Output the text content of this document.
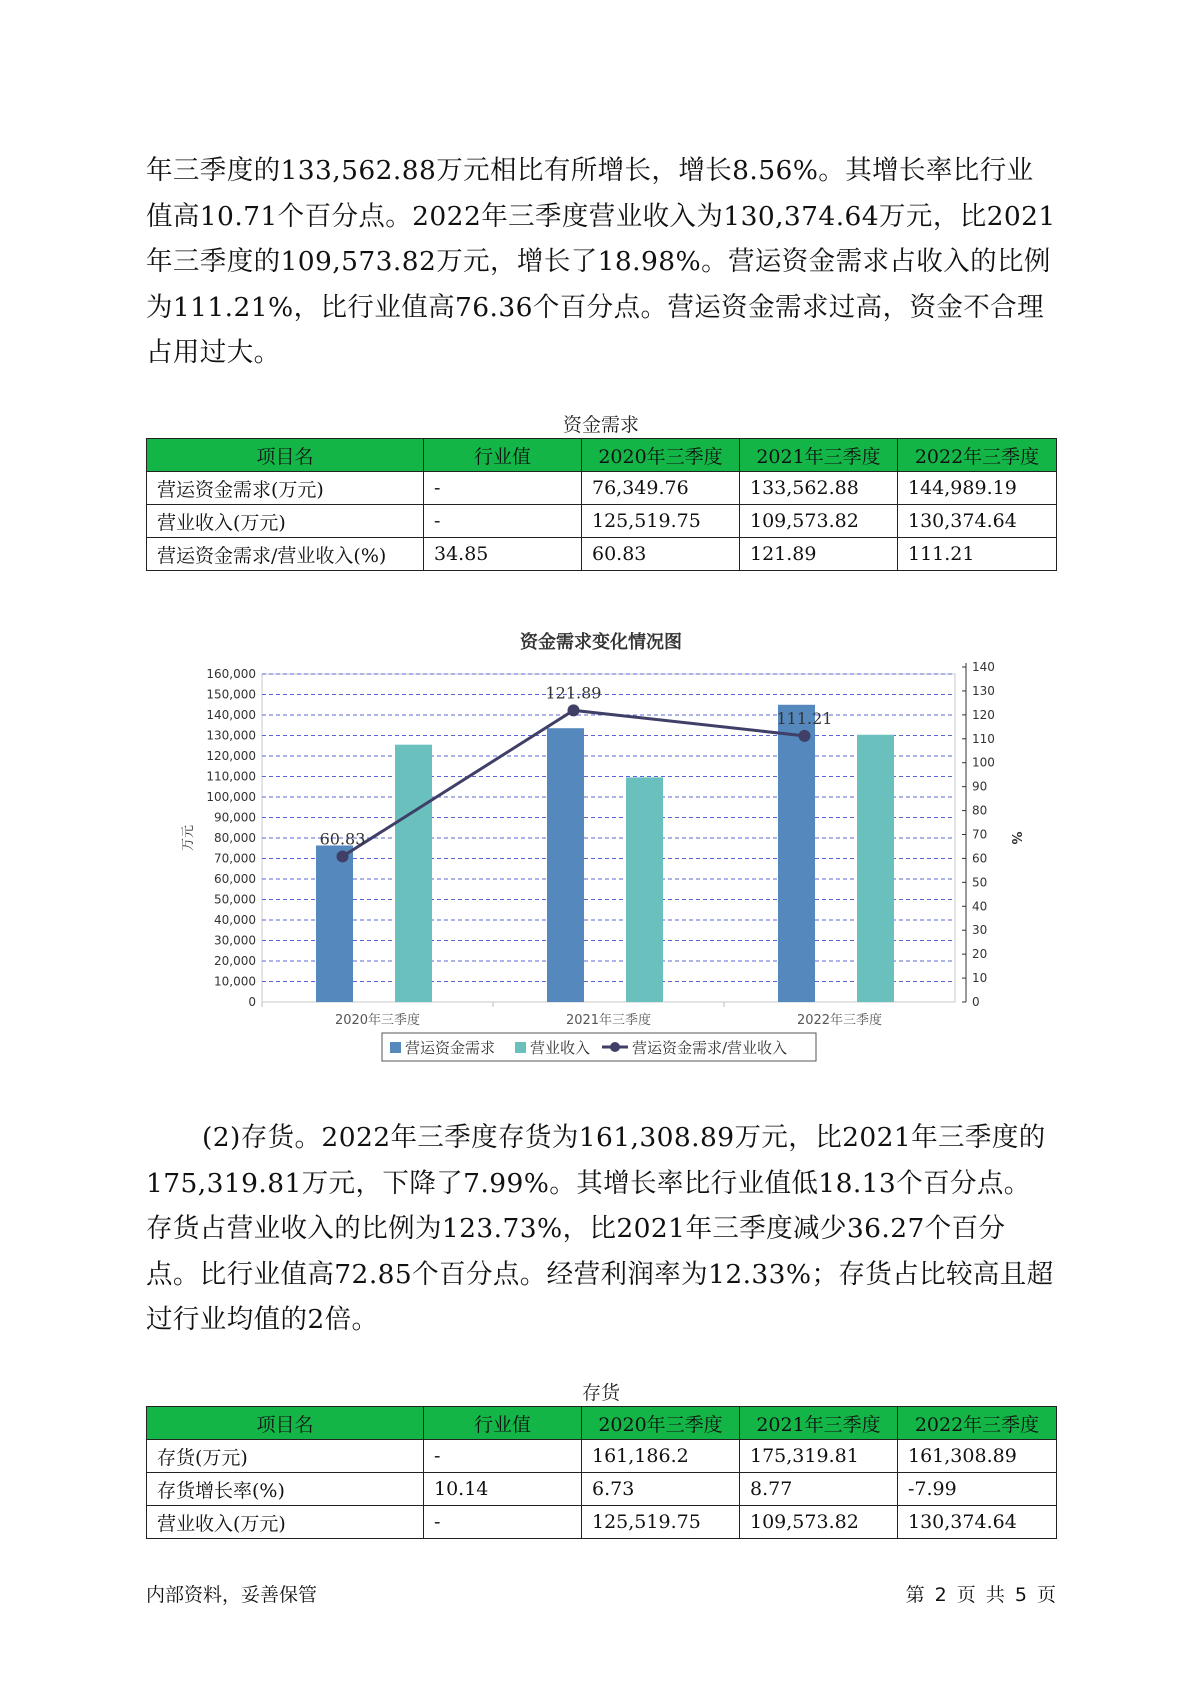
年三季度的133,562.88万元相比有所增长，增长8.56%。其增长率比行业值高10.71个百分点。2022年三季度营业收入为130,374.64万元，比2021年三季度的109,573.82万元，增长了18.98%。营运资金需求占收入的比例为111.21%，比行业值高76.36个百分点。营运资金需求过高，资金不合理占用过大。

资金需求
项目名	行业值	2020年三季度	2021年三季度	2022年三季度
营运资金需求(万元)	-	76,349.76	133,562.88	144,989.19
营业收入(万元)	-	125,519.75	109,573.82	130,374.64
营运资金需求/营业收入(%)	34.85	60.83	121.89	111.21
资金需求变化情况图
0
10,000
20,000
30,000
40,000
50,000
60,000
70,000
80,000
90,000
100,000
110,000
120,000
130,000
140,000
150,000
160,000
0
10
20
30
40
50
60
70
80
90
100
110
120
130
140
万元	%
2020年三季度	2021年三季度	2022年三季度
60.83
121.89
111.21
营运资金需求 营业收入	营运资金需求/营业收入

(2)存货。2022年三季度存货为161,308.89万元，比2021年三季度的175,319.81万元，下降了7.99%。其增长率比行业值低18.13个百分点。存货占营业收入的比例为123.73%，比2021年三季度减少36.27个百分点。比行业值高72.85个百分点。经营利润率为12.33%；存货占比较高且超过行业均值的2倍。

存货
项目名	行业值	2020年三季度	2021年三季度	2022年三季度
存货(万元)	-	161,186.2	175,319.81	161,308.89
存货增长率(%)	10.14	6.73	8.77	-7.99
营业收入(万元)	-	125,519.75	109,573.82	130,374.64
内部资料，妥善保管	第 2 页 共 5 页
